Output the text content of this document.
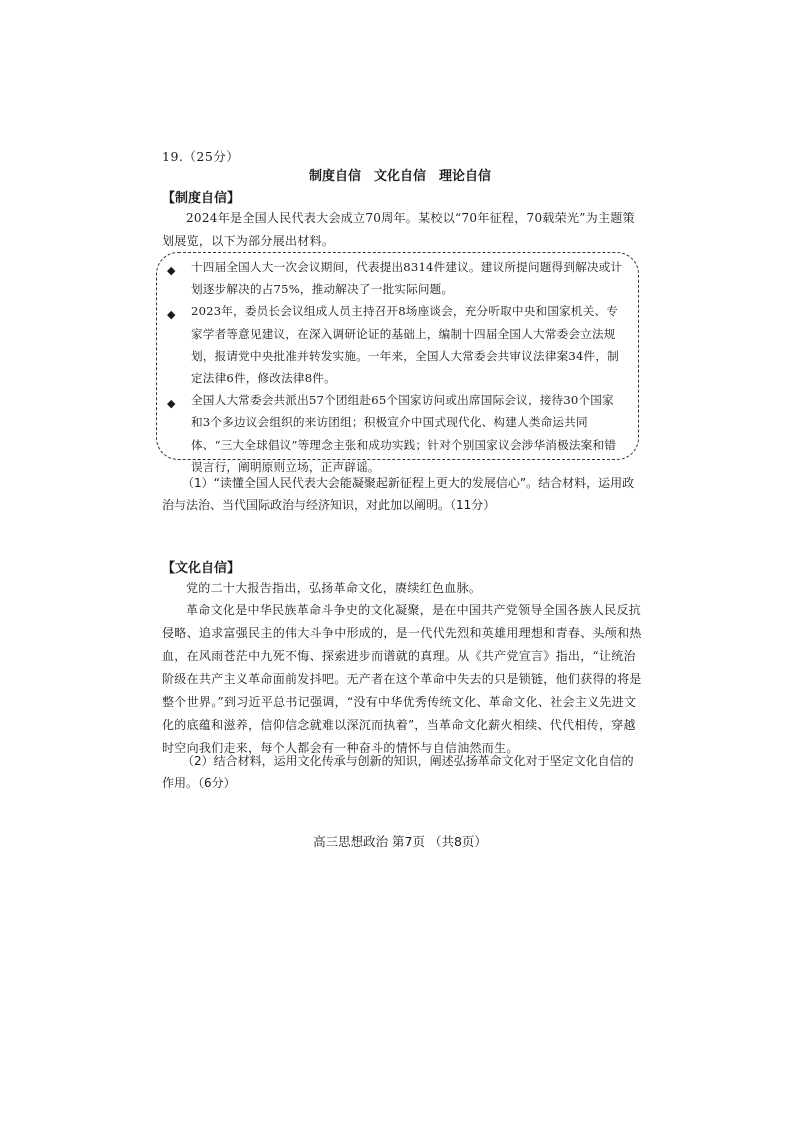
19.（25分）
制度自信　文化自信　理论自信
【制度自信】

2024年是全国人民代表大会成立70周年。某校以“70年征程，70载荣光”为主题策划展览，以下为部分展出材料。

◆ 十四届全国人大一次会议期间，代表提出8314件建议。建议所提问题得到解决或计划逐步解决的占75%，推动解决了一批实际问题。
◆ 2023年，委员长会议组成人员主持召开8场座谈会，充分听取中央和国家机关、专家学者等意见建议，在深入调研论证的基础上，编制十四届全国人大常委会立法规划，报请党中央批准并转发实施。一年来，全国人大常委会共审议法律案34件，制定法律6件，修改法律8件。
◆ 全国人大常委会共派出57个团组赴65个国家访问或出席国际会议，接待30个国家和3个多边议会组织的来访团组；积极宣介中国式现代化、构建人类命运共同体、“三大全球倡议”等理念主张和成功实践；针对个别国家议会涉华消极法案和错误言行，阐明原则立场，正声辟谣。

（1）“读懂全国人民代表大会能凝聚起新征程上更大的发展信心”。结合材料，运用政治与法治、当代国际政治与经济知识，对此加以阐明。（11分）

【文化自信】

党的二十大报告指出，弘扬革命文化，赓续红色血脉。

革命文化是中华民族革命斗争史的文化凝聚，是在中国共产党领导全国各族人民反抗侵略、追求富强民主的伟大斗争中形成的，是一代代先烈和英雄用理想和青春、头颅和热血，在风雨苍茫中九死不悔、探索进步而谱就的真理。从《共产党宣言》指出，“让统治阶级在共产主义革命面前发抖吧。无产者在这个革命中失去的只是锁链，他们获得的将是整个世界。”到习近平总书记强调，“没有中华优秀传统文化、革命文化、社会主义先进文化的底蕴和滋养，信仰信念就难以深沉而执着”，当革命文化薪火相续、代代相传，穿越时空向我们走来，每个人都会有一种奋斗的情怀与自信油然而生。

（2）结合材料，运用文化传承与创新的知识，阐述弘扬革命文化对于坚定文化自信的作用。（6分）

高三思想政治 第7页 （共8页）
